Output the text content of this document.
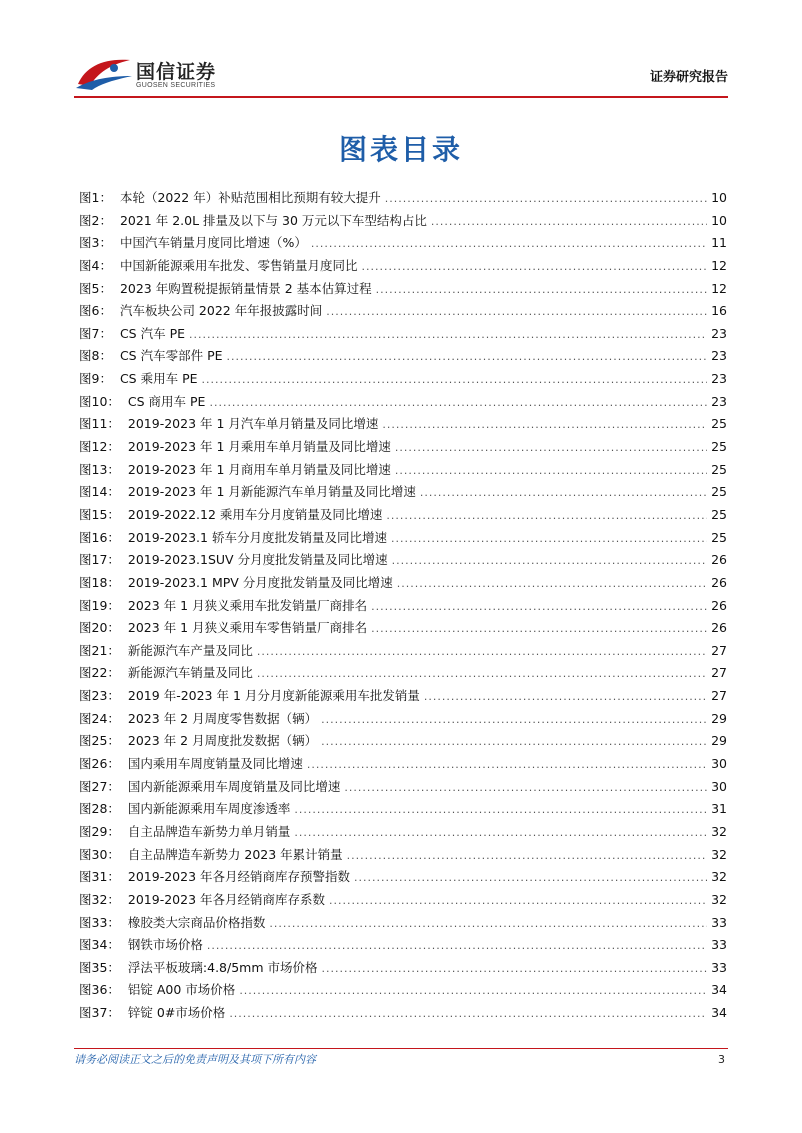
国信证券
GUOSEN SECURITIES
证券研究报告
图表目录
图1： 本轮（2022 年）补贴范围相比预期有较大提升 .....	10
图2： 2021 年 2.0L 排量及以下与 30 万元以下车型结构占比 .....	10
图3： 中国汽车销量月度同比增速（%） .....	11
图4： 中国新能源乘用车批发、零售销量月度同比 .....	12
图5： 2023 年购置税提振销量情景 2 基本估算过程 .....	12
图6： 汽车板块公司 2022 年年报披露时间 .....	16
图7： CS 汽车 PE .....	23
图8： CS 汽车零部件 PE .....	23
图9： CS 乘用车 PE .....	23
图10： CS 商用车 PE .....	23
图11： 2019-2023 年 1 月汽车单月销量及同比增速 .....	25
图12： 2019-2023 年 1 月乘用车单月销量及同比增速 .....	25
图13： 2019-2023 年 1 月商用车单月销量及同比增速 .....	25
图14： 2019-2023 年 1 月新能源汽车单月销量及同比增速 .....	25
图15： 2019-2022.12 乘用车分月度销量及同比增速 .....	25
图16： 2019-2023.1 轿车分月度批发销量及同比增速 .....	25
图17： 2019-2023.1SUV 分月度批发销量及同比增速 .....	26
图18： 2019-2023.1 MPV 分月度批发销量及同比增速 .....	26
图19： 2023 年 1 月狭义乘用车批发销量厂商排名 .....	26
图20： 2023 年 1 月狭义乘用车零售销量厂商排名 .....	26
图21： 新能源汽车产量及同比 .....	27
图22： 新能源汽车销量及同比 .....	27
图23： 2019 年-2023 年 1 月分月度新能源乘用车批发销量 .....	27
图24： 2023 年 2 月周度零售数据（辆） .....	29
图25： 2023 年 2 月周度批发数据（辆） .....	29
图26： 国内乘用车周度销量及同比增速 .....	30
图27： 国内新能源乘用车周度销量及同比增速 .....	30
图28： 国内新能源乘用车周度渗透率 .....	31
图29： 自主品牌造车新势力单月销量 .....	32
图30： 自主品牌造车新势力 2023 年累计销量 .....	32
图31： 2019-2023 年各月经销商库存预警指数 .....	32
图32： 2019-2023 年各月经销商库存系数 .....	32
图33： 橡胶类大宗商品价格指数 .....	33
图34： 钢铁市场价格 .....	33
图35： 浮法平板玻璃:4.8/5mm 市场价格 .....	33
图36： 铝锭 A00 市场价格 .....	34
图37： 锌锭 0#市场价格 .....	34
请务必阅读正文之后的免责声明及其项下所有内容	3
